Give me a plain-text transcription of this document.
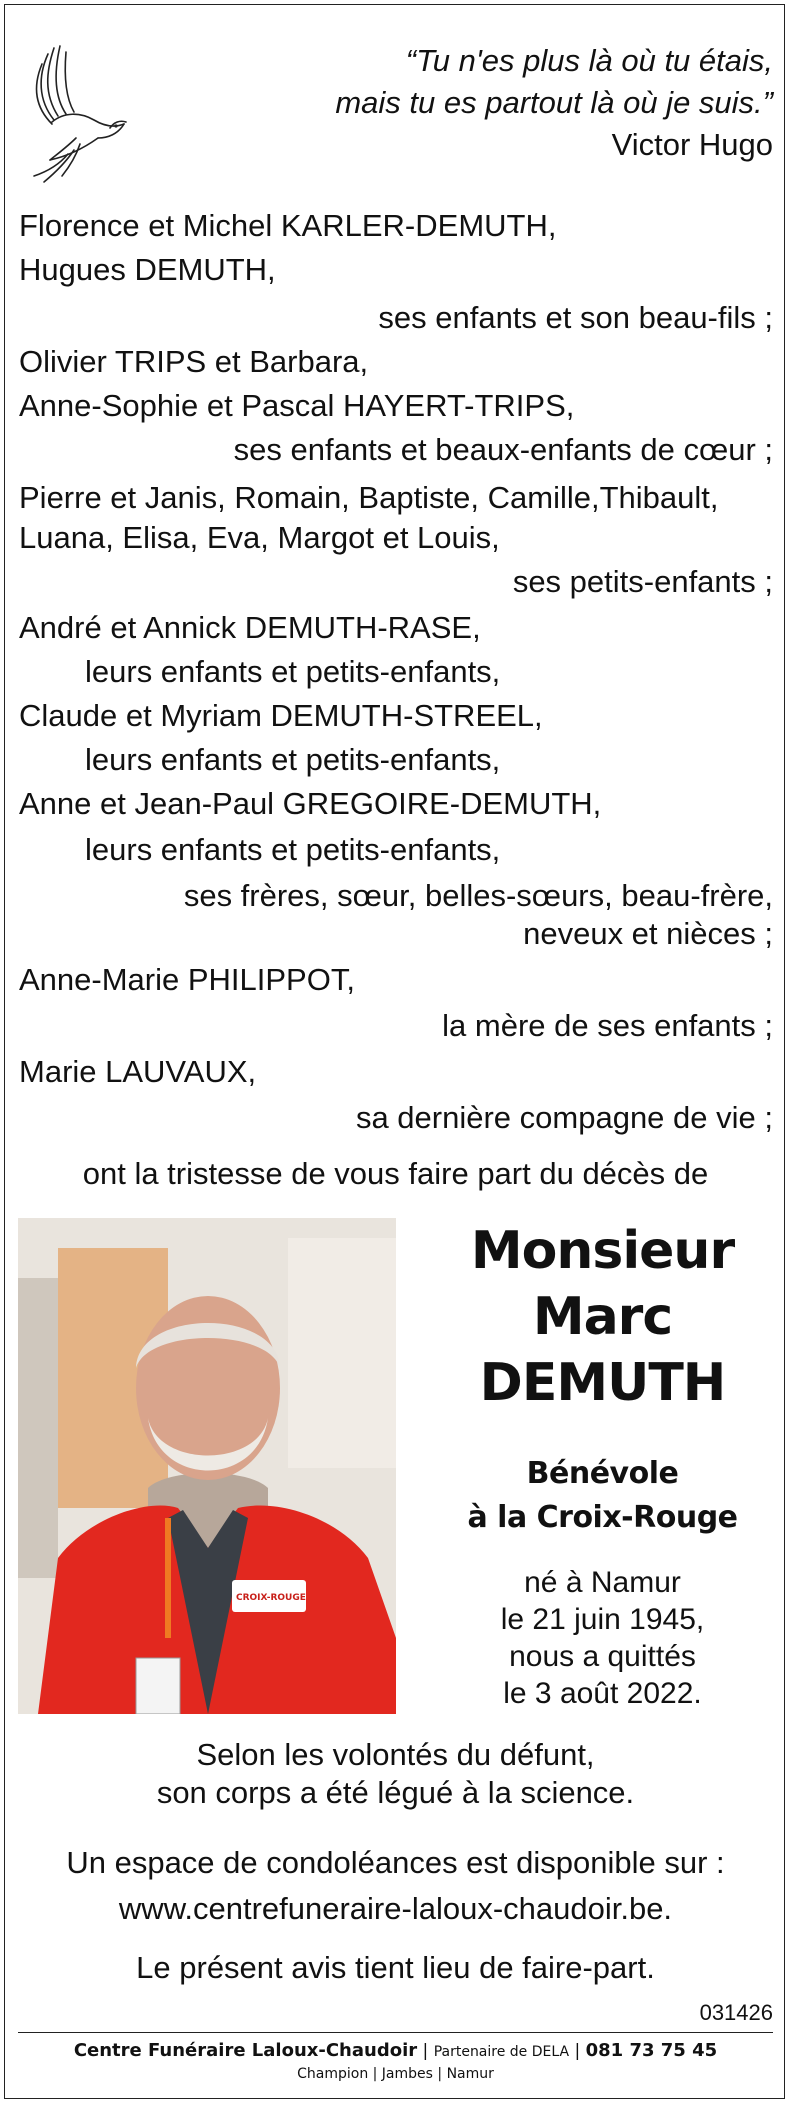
“Tu n'es plus là où tu étais,
mais tu es partout là où je suis.”
Victor Hugo
Florence et Michel KARLER-DEMUTH,
Hugues DEMUTH,
ses enfants et son beau-fils ;
Olivier TRIPS et Barbara,
Anne-Sophie et Pascal HAYERT-TRIPS,
ses enfants et beaux-enfants de cœur ;
Pierre et Janis, Romain, Baptiste, Camille,Thibault,
Luana, Elisa, Eva, Margot et Louis,
ses petits-enfants ;
André et Annick DEMUTH-RASE,
leurs enfants et petits-enfants,
Claude et Myriam DEMUTH-STREEL,
leurs enfants et petits-enfants,
Anne et Jean-Paul GREGOIRE-DEMUTH,
leurs enfants et petits-enfants,
ses frères, sœur, belles-sœurs, beau-frère,
neveux et nièces ;
Anne-Marie PHILIPPOT,
la mère de ses enfants ;
Marie LAUVAUX,
sa dernière compagne de vie ;
ont la tristesse de vous faire part du décès de
CROIX-ROUGE
Monsieur
Marc
DEMUTH
Bénévole
à la Croix-Rouge
né à Namur
le 21 juin 1945,
nous a quittés
le 3 août 2022.
Selon les volontés du défunt,
son corps a été légué à la science.
Un espace de condoléances est disponible sur :
www.centrefuneraire-laloux-chaudoir.be.
Le présent avis tient lieu de faire-part.
031426
Centre Funéraire Laloux-Chaudoir | Partenaire de DELA | 081 73 75 45
Champion | Jambes | Namur
